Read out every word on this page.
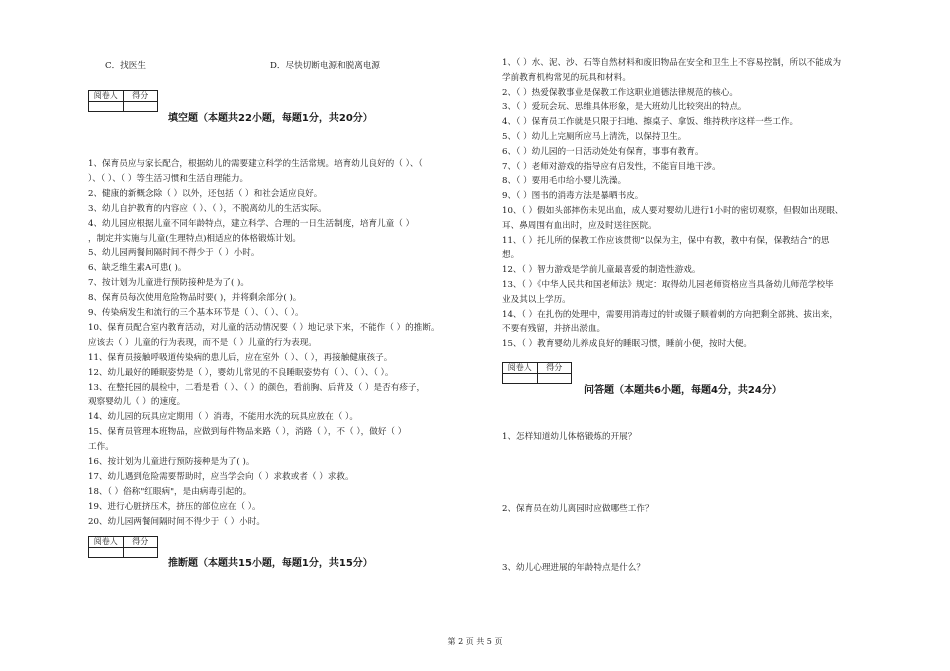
C．找医生	D．尽快切断电源和脱离电源
阅卷人	得分
填空题（本题共22小题，每题1分，共20分）
1、保育员应与家长配合，根据幼儿的需要建立科学的生活常规。培育幼儿良好的（ ）、（
）、（ ）、（ ）等生活习惯和生活自理能力。
2、健康的新概念除（ ）以外，还包括（ ）和社会适应良好。
3、幼儿自护教育的内容应（ ）、（ ），不脱离幼儿的生活实际。
4、幼儿园应根据儿童不同年龄特点，建立科学、合理的一日生活制度，培育儿童（ ）
，制定并实施与儿童(生理特点)相适应的体格锻炼计划。
5、幼儿园两餐间隔时间不得少于（ ）小时。
6、缺乏维生素A可患( )。
7、按计划为儿童进行预防接种是为了( )。
8、保育员每次使用危险物品时要( )，并将剩余部分( )。
9、传染病发生和流行的三个基本环节是（ ）、（ ）、（ ）。
10、保育员配合室内教育活动，对儿童的活动情况要（ ）地记录下来，不能作（ ）的推断。
应该去（ ）儿童的行为表现，而不是（ ）儿童的行为表现。
11、保育员接触呼吸道传染病的患儿后，应在室外（ ）、（ ），再接触健康孩子。
12、幼儿最好的睡眠姿势是（ ），婴幼儿常见的不良睡眠姿势有（ ）、（ ）、（ ）。
13、在整托园的晨检中，二看是看（ ）、（ ）的颜色，看前胸、后背及（ ）是否有疹子，
观察婴幼儿（ ）的速度。
14、幼儿园的玩具应定期用（ ）消毒，不能用水洗的玩具应放在（ ）。
15、保育员管理本班物品，应做到每件物品来路（ ），消路（ ），不（ ），做好（ ）
工作。
16、按计划为儿童进行预防接种是为了( )。
17、幼儿遇到危险需要帮助时，应当学会向（ ）求救或者（ ）求救。
18、（ ）俗称"红眼病"，是由病毒引起的。
19、进行心脏挤压术，挤压的部位应在（ ）。
20、幼儿园两餐间隔时间不得少于（ ）小时。
阅卷人	得分
推断题（本题共15小题，每题1分，共15分）
1、（ ）水、泥、沙、石等自然材料和废旧物品在安全和卫生上不容易控制，所以不能成为
学前教育机构常见的玩具和材料。
2、（ ）热爱保教事业是保教工作这职业道德法律规范的核心。
3、（ ）爱玩会玩、思维具体形象，是大班幼儿比较突出的特点。
4、（ ）保育员工作就是只限于扫地、擦桌子、拿饭、维持秩序这样一些工作。
5、（ ）幼儿上完厕所应马上清洗，以保持卫生。
6、（ ）幼儿园的一日活动处处有保育，事事有教育。
7、（ ）老师对游戏的指导应有启发性，不能盲目地干涉。
8、（ ）要用毛巾给小婴儿洗澡。
9、（ ）图书的消毒方法是暴晒书皮。
10、（ ）假如头部摔伤未见出血，成人要对婴幼儿进行1小时的密切观察，但假如出现眼、
耳、鼻周围有血出时，应及时送往医院。
11、（ ）托儿所的保教工作应该贯彻“以保为主，保中有教，教中有保，保教结合”的思
想。
12、（ ）智力游戏是学前儿童最喜爱的制造性游戏。
13、（ ）《中华人民共和国老师法》规定：取得幼儿园老师资格应当具备幼儿师范学校毕
业及其以上学历。
14、（ ）在扎伤的处理中，需要用消毒过的针或镊子顺着刺的方向把剩全部挑、拔出来，
不要有残留，并挤出淤血。
15、（ ）教育婴幼儿养成良好的睡眠习惯，睡前小便，按时大便。
阅卷人	得分
问答题（本题共6小题，每题4分，共24分）
1、怎样知道幼儿体格锻炼的开展？
2、保育员在幼儿离园时应做哪些工作？
3、幼儿心理进展的年龄特点是什么？
第 2 页 共 5 页
